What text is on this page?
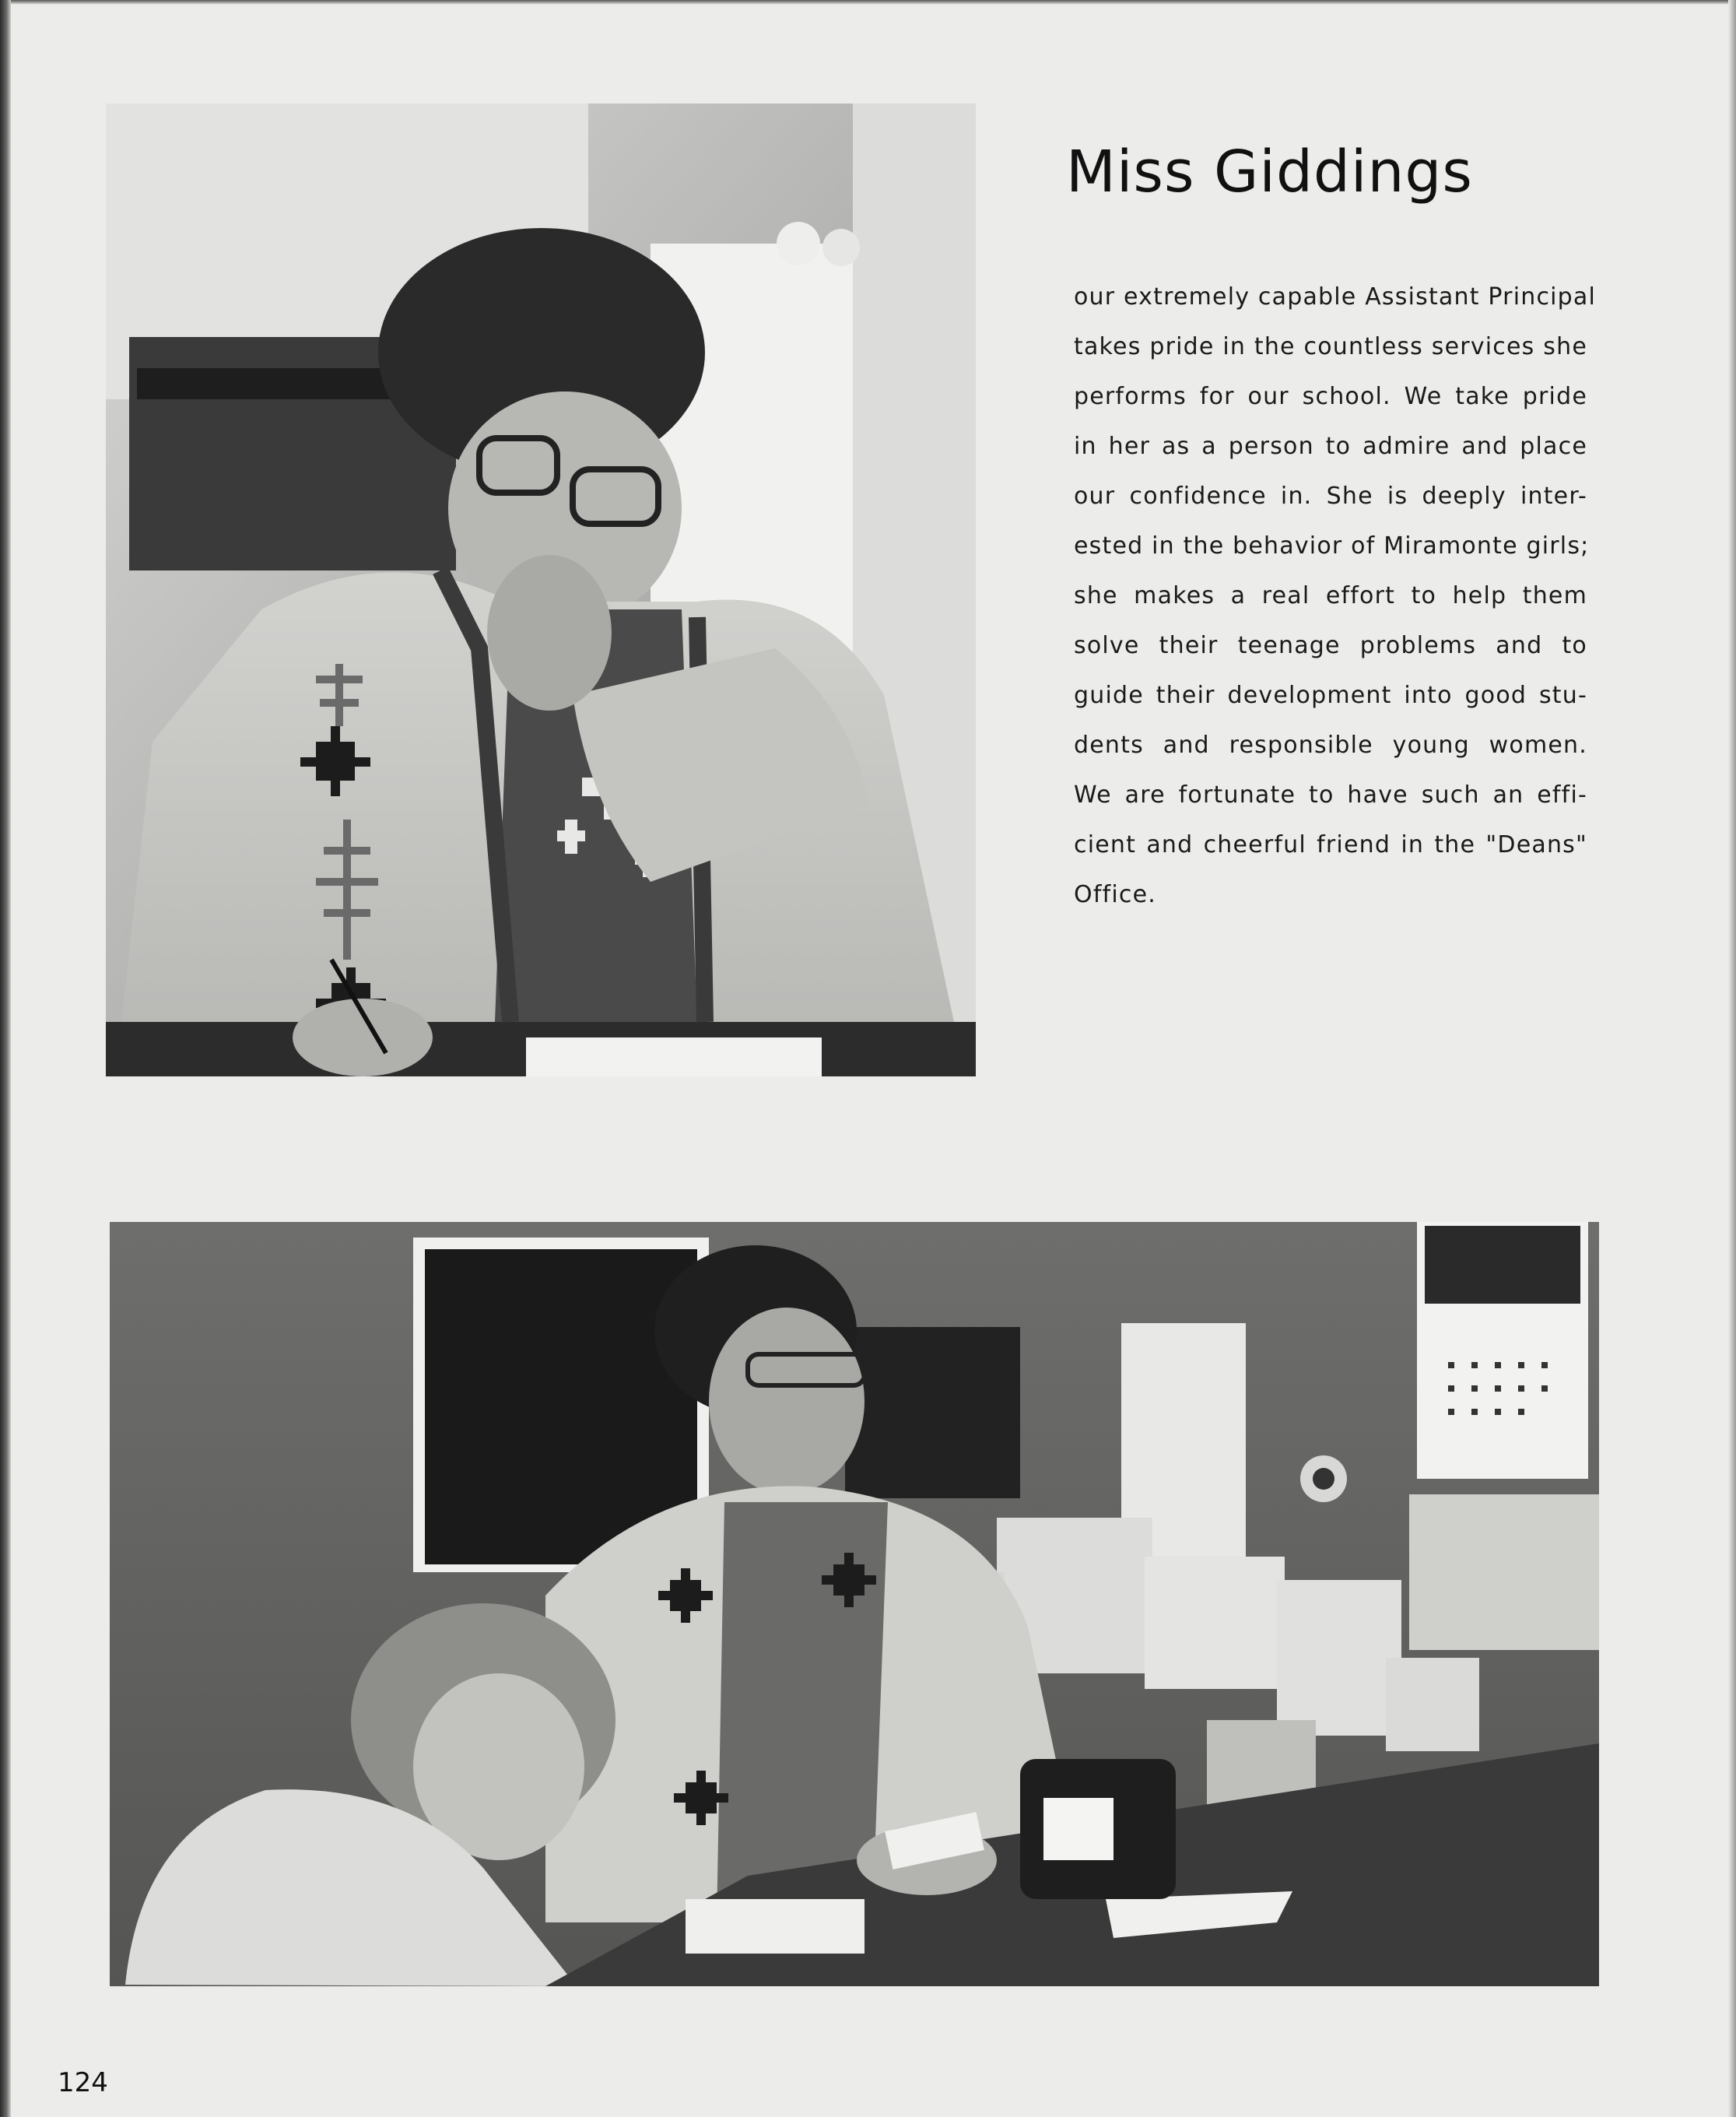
Miss Giddings
our extremely capable Assistant Principal
takes pride in the countless services she
performs for our school. We take pride
in her as a person to admire and place
our confidence in. She is deeply inter-
ested in the behavior of Miramonte girls;
she makes a real effort to help them
solve their teenage problems and to
guide their development into good stu-
dents and responsible young women.
We are fortunate to have such an effi-
cient and cheerful friend in the "Deans"
Office.

124
